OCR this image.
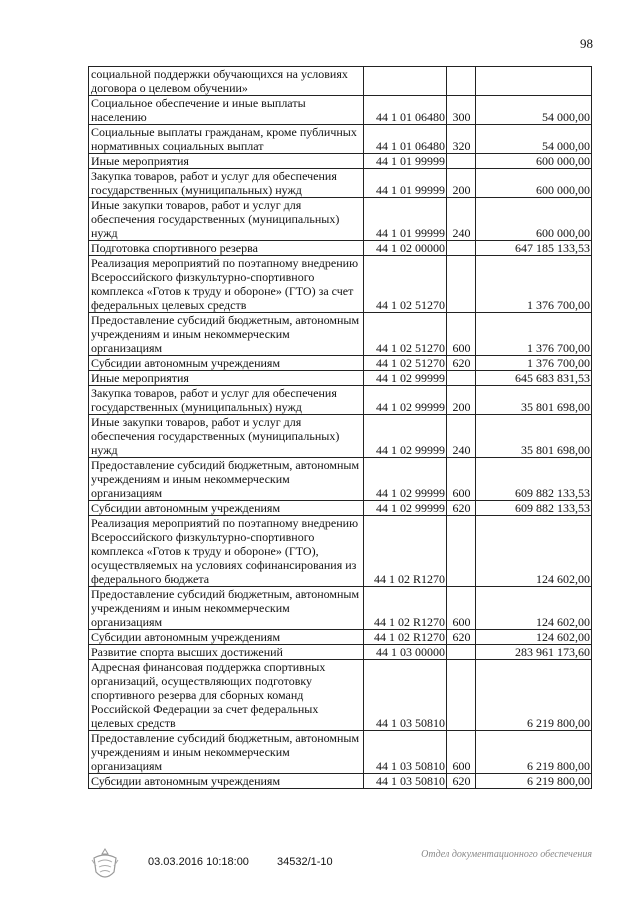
98
социальной поддержки обучающихся на условиях договора о целевом обучении»			
Социальное обеспечение и иные выплаты населению	44 1 01 06480	300	54 000,00
Социальные выплаты гражданам, кроме публичных нормативных социальных выплат	44 1 01 06480	320	54 000,00
Иные мероприятия	44 1 01 99999		600 000,00
Закупка товаров, работ и услуг для обеспечения государственных (муниципальных) нужд	44 1 01 99999	200	600 000,00
Иные закупки товаров, работ и услуг для обеспечения государственных (муниципальных) нужд	44 1 01 99999	240	600 000,00
Подготовка спортивного резерва	44 1 02 00000		647 185 133,53
Реализация мероприятий по поэтапному внедрению Всероссийского физкультурно-спортивного комплекса «Готов к труду и обороне» (ГТО) за счет федеральных целевых средств	44 1 02 51270		1 376 700,00
Предоставление субсидий бюджетным, автономным учреждениям и иным некоммерческим организациям	44 1 02 51270	600	1 376 700,00
Субсидии автономным учреждениям	44 1 02 51270	620	1 376 700,00
Иные мероприятия	44 1 02 99999		645 683 831,53
Закупка товаров, работ и услуг для обеспечения государственных (муниципальных) нужд	44 1 02 99999	200	35 801 698,00
Иные закупки товаров, работ и услуг для обеспечения государственных (муниципальных) нужд	44 1 02 99999	240	35 801 698,00
Предоставление субсидий бюджетным, автономным учреждениям и иным некоммерческим организациям	44 1 02 99999	600	609 882 133,53
Субсидии автономным учреждениям	44 1 02 99999	620	609 882 133,53
Реализация мероприятий по поэтапному внедрению Всероссийского физкультурно-спортивного комплекса «Готов к труду и обороне» (ГТО), осуществляемых на условиях софинансирования из федерального бюджета	44 1 02 R1270		124 602,00
Предоставление субсидий бюджетным, автономным учреждениям и иным некоммерческим организациям	44 1 02 R1270	600	124 602,00
Субсидии автономным учреждениям	44 1 02 R1270	620	124 602,00
Развитие спорта высших достижений	44 1 03 00000		283 961 173,60
Адресная финансовая поддержка спортивных организаций, осуществляющих подготовку спортивного резерва для сборных команд Российской Федерации за счет федеральных целевых средств	44 1 03 50810		6 219 800,00
Предоставление субсидий бюджетным, автономным учреждениям и иным некоммерческим организациям	44 1 03 50810	600	6 219 800,00
Субсидии автономным учреждениям	44 1 03 50810	620	6 219 800,00
03.03.2016 10:18:00	34532/1-10
Отдел документационного обеспечения
